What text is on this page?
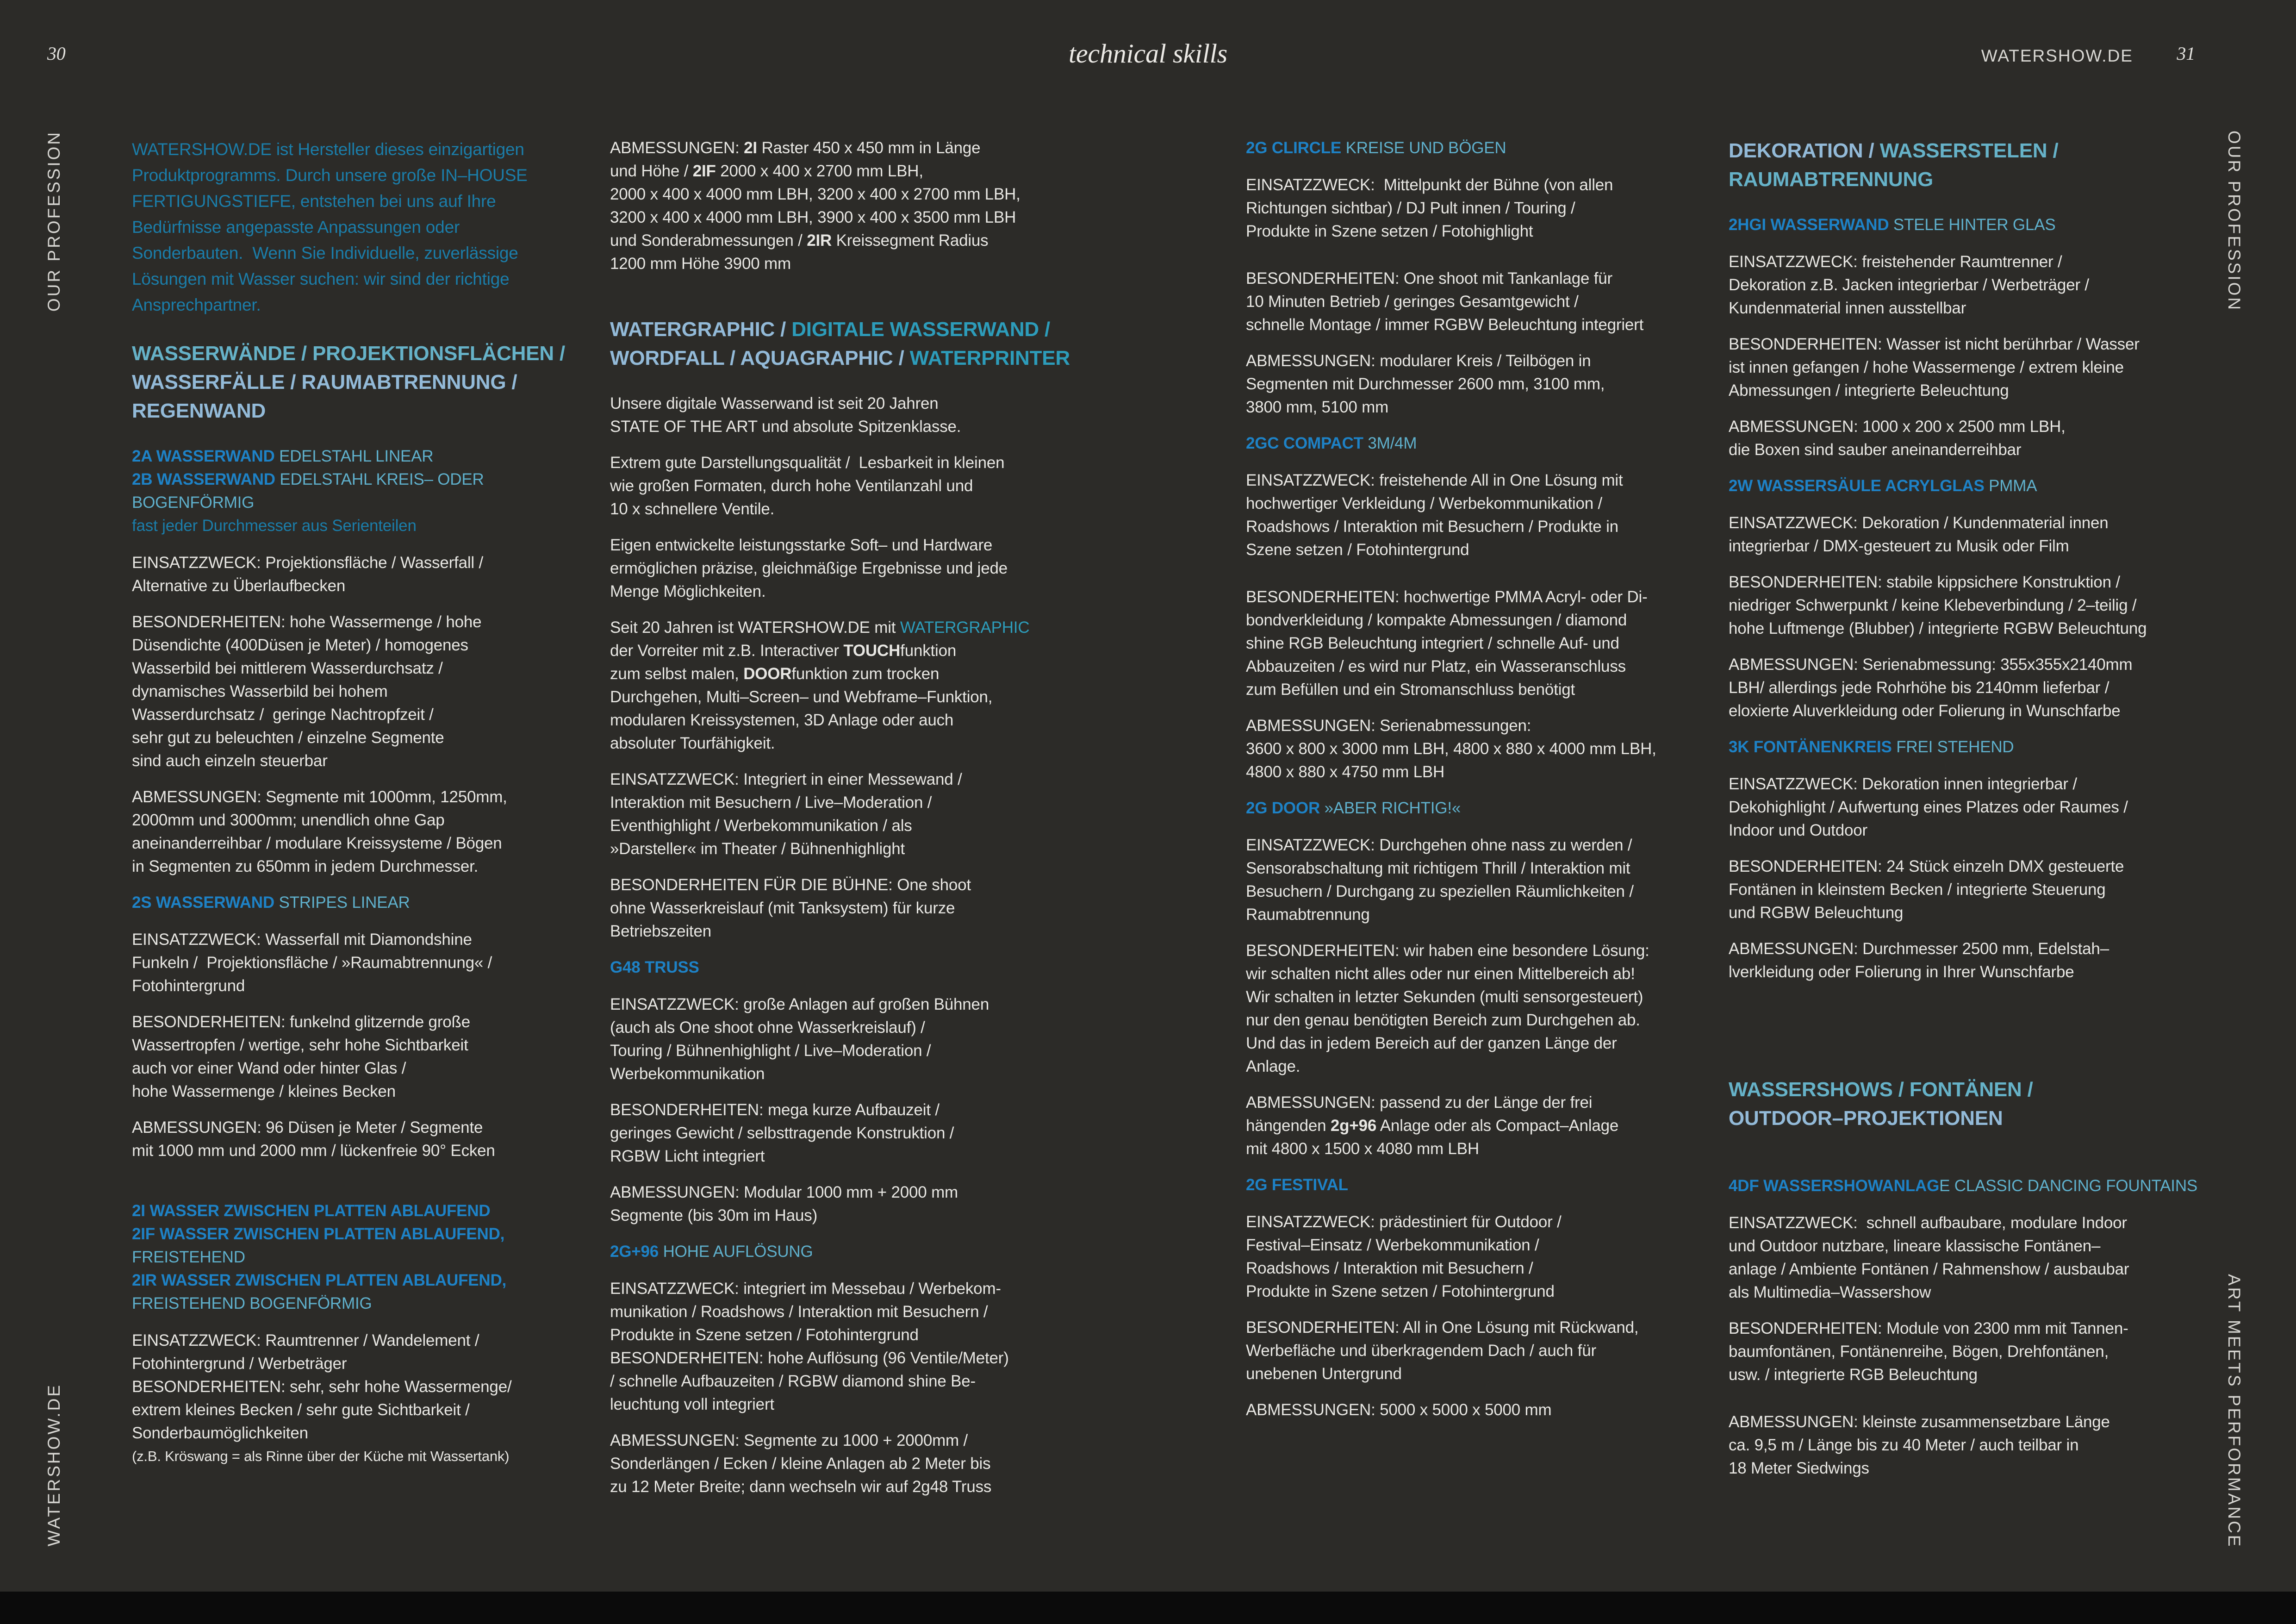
30	technical skills	WATERSHOW.DE 31
OUR PROFESSION
WATERSHOW.DE
OUR PROFESSION
ART MEETS PERFORMANCE
WATERSHOW.DE ist Hersteller dieses einzigartigen
Produktprogramms. Durch unsere große IN–HOUSE
FERTIGUNGSTIEFE, entstehen bei uns auf Ihre
Bedürfnisse angepasste Anpassungen oder
Sonderbauten.  Wenn Sie Individuelle, zuverlässige
Lösungen mit Wasser suchen: wir sind der richtige
Ansprechpartner.
WASSERWÄNDE / PROJEKTIONSFLÄCHEN /
WASSERFÄLLE / RAUMABTRENNUNG /
REGENWAND
2A WASSERWAND EDELSTAHL LINEAR
2B WASSERWAND EDELSTAHL KREIS– ODER
BOGENFÖRMIG
fast jeder Durchmesser aus Serienteilen
EINSATZZWECK: Projektionsfläche / Wasserfall /
Alternative zu Überlaufbecken
BESONDERHEITEN: hohe Wassermenge / hohe
Düsendichte (400Düsen je Meter) / homogenes
Wasserbild bei mittlerem Wasserdurchsatz /
dynamisches Wasserbild bei hohem
Wasserdurchsatz /  geringe Nachtropfzeit /
sehr gut zu beleuchten / einzelne Segmente
sind auch einzeln steuerbar
ABMESSUNGEN: Segmente mit 1000mm, 1250mm,
2000mm und 3000mm; unendlich ohne Gap
aneinanderreihbar / modulare Kreissysteme / Bögen
in Segmenten zu 650mm in jedem Durchmesser.
2S WASSERWAND STRIPES LINEAR
EINSATZZWECK: Wasserfall mit Diamondshine
Funkeln /  Projektionsfläche / »Raumabtrennung« /
Fotohintergrund
BESONDERHEITEN: funkelnd glitzernde große
Wassertropfen / wertige, sehr hohe Sichtbarkeit
auch vor einer Wand oder hinter Glas /
hohe Wassermenge / kleines Becken
ABMESSUNGEN: 96 Düsen je Meter / Segmente
mit 1000 mm und 2000 mm / lückenfreie 90° Ecken
2I WASSER ZWISCHEN PLATTEN ABLAUFEND
2IF WASSER ZWISCHEN PLATTEN ABLAUFEND,
FREISTEHEND
2IR WASSER ZWISCHEN PLATTEN ABLAUFEND,
FREISTEHEND BOGENFÖRMIG
EINSATZZWECK: Raumtrenner / Wandelement /
Fotohintergrund / Werbeträger
BESONDERHEITEN: sehr, sehr hohe Wassermenge/
extrem kleines Becken / sehr gute Sichtbarkeit /
Sonderbaumöglichkeiten
(z.B. Kröswang = als Rinne über der Küche mit Wassertank)
ABMESSUNGEN: 2I Raster 450 x 450 mm in Länge
und Höhe / 2IF 2000 x 400 x 2700 mm LBH,
2000 x 400 x 4000 mm LBH, 3200 x 400 x 2700 mm LBH,
3200 x 400 x 4000 mm LBH, 3900 x 400 x 3500 mm LBH
und Sonderabmessungen / 2IR Kreissegment Radius
1200 mm Höhe 3900 mm
WATERGRAPHIC / DIGITALE WASSERWAND /
WORDFALL / AQUAGRAPHIC / WATERPRINTER
Unsere digitale Wasserwand ist seit 20 Jahren
STATE OF THE ART und absolute Spitzenklasse.
Extrem gute Darstellungsqualität /  Lesbarkeit in kleinen
wie großen Formaten, durch hohe Ventilanzahl und
10 x schnellere Ventile.
Eigen entwickelte leistungsstarke Soft– und Hardware
ermöglichen präzise, gleichmäßige Ergebnisse und jede
Menge Möglichkeiten.
Seit 20 Jahren ist WATERSHOW.DE mit WATERGRAPHIC
der Vorreiter mit z.B. Interactiver TOUCHfunktion
zum selbst malen, DOORfunktion zum trocken
Durchgehen, Multi–Screen– und Webframe–Funktion,
modularen Kreissystemen, 3D Anlage oder auch
absoluter Tourfähigkeit.
EINSATZZWECK: Integriert in einer Messewand /
Interaktion mit Besuchern / Live–Moderation /
Eventhighlight / Werbekommunikation / als
»Darsteller« im Theater / Bühnenhighlight
BESONDERHEITEN FÜR DIE BÜHNE: One shoot
ohne Wasserkreislauf (mit Tanksystem) für kurze
Betriebszeiten
G48 TRUSS
EINSATZZWECK: große Anlagen auf großen Bühnen
(auch als One shoot ohne Wasserkreislauf) /
Touring / Bühnenhighlight / Live–Moderation /
Werbekommunikation
BESONDERHEITEN: mega kurze Aufbauzeit /
geringes Gewicht / selbsttragende Konstruktion /
RGBW Licht integriert
ABMESSUNGEN: Modular 1000 mm + 2000 mm
Segmente (bis 30m im Haus)
2G+96 HOHE AUFLÖSUNG
EINSATZZWECK: integriert im Messebau / Werbekom-
munikation / Roadshows / Interaktion mit Besuchern /
Produkte in Szene setzen / Fotohintergrund
BESONDERHEITEN: hohe Auflösung (96 Ventile/Meter)
/ schnelle Aufbauzeiten / RGBW diamond shine Be-
leuchtung voll integriert
ABMESSUNGEN: Segmente zu 1000 + 2000mm /
Sonderlängen / Ecken / kleine Anlagen ab 2 Meter bis
zu 12 Meter Breite; dann wechseln wir auf 2g48 Truss
2G CLIRCLE KREISE UND BÖGEN
EINSATZZWECK:  Mittelpunkt der Bühne (von allen
Richtungen sichtbar) / DJ Pult innen / Touring /
Produkte in Szene setzen / Fotohighlight
BESONDERHEITEN: One shoot mit Tankanlage für
10 Minuten Betrieb / geringes Gesamtgewicht /
schnelle Montage / immer RGBW Beleuchtung integriert
ABMESSUNGEN: modularer Kreis / Teilbögen in
Segmenten mit Durchmesser 2600 mm, 3100 mm,
3800 mm, 5100 mm
2GC COMPACT 3M/4M
EINSATZZWECK: freistehende All in One Lösung mit
hochwertiger Verkleidung / Werbekommunikation /
Roadshows / Interaktion mit Besuchern / Produkte in
Szene setzen / Fotohintergrund
BESONDERHEITEN: hochwertige PMMA Acryl- oder Di-
bondverkleidung / kompakte Abmessungen / diamond
shine RGB Beleuchtung integriert / schnelle Auf- und
Abbauzeiten / es wird nur Platz, ein Wasseranschluss
zum Befüllen und ein Stromanschluss benötigt
ABMESSUNGEN: Serienabmessungen:
3600 x 800 x 3000 mm LBH, 4800 x 880 x 4000 mm LBH,
4800 x 880 x 4750 mm LBH
2G DOOR »ABER RICHTIG!«
EINSATZZWECK: Durchgehen ohne nass zu werden /
Sensorabschaltung mit richtigem Thrill / Interaktion mit
Besuchern / Durchgang zu speziellen Räumlichkeiten /
Raumabtrennung
BESONDERHEITEN: wir haben eine besondere Lösung:
wir schalten nicht alles oder nur einen Mittelbereich ab!
Wir schalten in letzter Sekunden (multi sensorgesteuert)
nur den genau benötigten Bereich zum Durchgehen ab.
Und das in jedem Bereich auf der ganzen Länge der
Anlage.
ABMESSUNGEN: passend zu der Länge der frei
hängenden 2g+96 Anlage oder als Compact–Anlage
mit 4800 x 1500 x 4080 mm LBH
2G FESTIVAL
EINSATZZWECK: prädestiniert für Outdoor /
Festival–Einsatz / Werbekommunikation /
Roadshows / Interaktion mit Besuchern /
Produkte in Szene setzen / Fotohintergrund
BESONDERHEITEN: All in One Lösung mit Rückwand,
Werbefläche und überkragendem Dach / auch für
unebenen Untergrund
ABMESSUNGEN: 5000 x 5000 x 5000 mm
DEKORATION / WASSERSTELEN /
RAUMABTRENNUNG
2HGI WASSERWAND STELE HINTER GLAS
EINSATZZWECK: freistehender Raumtrenner /
Dekoration z.B. Jacken integrierbar / Werbeträger /
Kundenmaterial innen ausstellbar
BESONDERHEITEN: Wasser ist nicht berührbar / Wasser
ist innen gefangen / hohe Wassermenge / extrem kleine
Abmessungen / integrierte Beleuchtung
ABMESSUNGEN: 1000 x 200 x 2500 mm LBH,
die Boxen sind sauber aneinanderreihbar
2W WASSERSÄULE ACRYLGLAS PMMA
EINSATZZWECK: Dekoration / Kundenmaterial innen
integrierbar / DMX-gesteuert zu Musik oder Film
BESONDERHEITEN: stabile kippsichere Konstruktion /
niedriger Schwerpunkt / keine Klebeverbindung / 2–teilig /
hohe Luftmenge (Blubber) / integrierte RGBW Beleuchtung
ABMESSUNGEN: Serienabmessung: 355x355x2140mm
LBH/ allerdings jede Rohrhöhe bis 2140mm lieferbar /
eloxierte Aluverkleidung oder Folierung in Wunschfarbe
3K FONTÄNENKREIS FREI STEHEND
EINSATZZWECK: Dekoration innen integrierbar /
Dekohighlight / Aufwertung eines Platzes oder Raumes /
Indoor und Outdoor
BESONDERHEITEN: 24 Stück einzeln DMX gesteuerte
Fontänen in kleinstem Becken / integrierte Steuerung
und RGBW Beleuchtung
ABMESSUNGEN: Durchmesser 2500 mm, Edelstah–
lverkleidung oder Folierung in Ihrer Wunschfarbe
WASSERSHOWS / FONTÄNEN /
OUTDOOR–PROJEKTIONEN
4DF WASSERSHOWANLAGE CLASSIC DANCING FOUNTAINS
EINSATZZWECK:  schnell aufbaubare, modulare Indoor
und Outdoor nutzbare, lineare klassische Fontänen–
anlage / Ambiente Fontänen / Rahmenshow / ausbaubar
als Multimedia–Wassershow
BESONDERHEITEN: Module von 2300 mm mit Tannen-
baumfontänen, Fontänenreihe, Bögen, Drehfontänen,
usw. / integrierte RGB Beleuchtung
ABMESSUNGEN: kleinste zusammensetzbare Länge
ca. 9,5 m / Länge bis zu 40 Meter / auch teilbar in
18 Meter Siedwings
